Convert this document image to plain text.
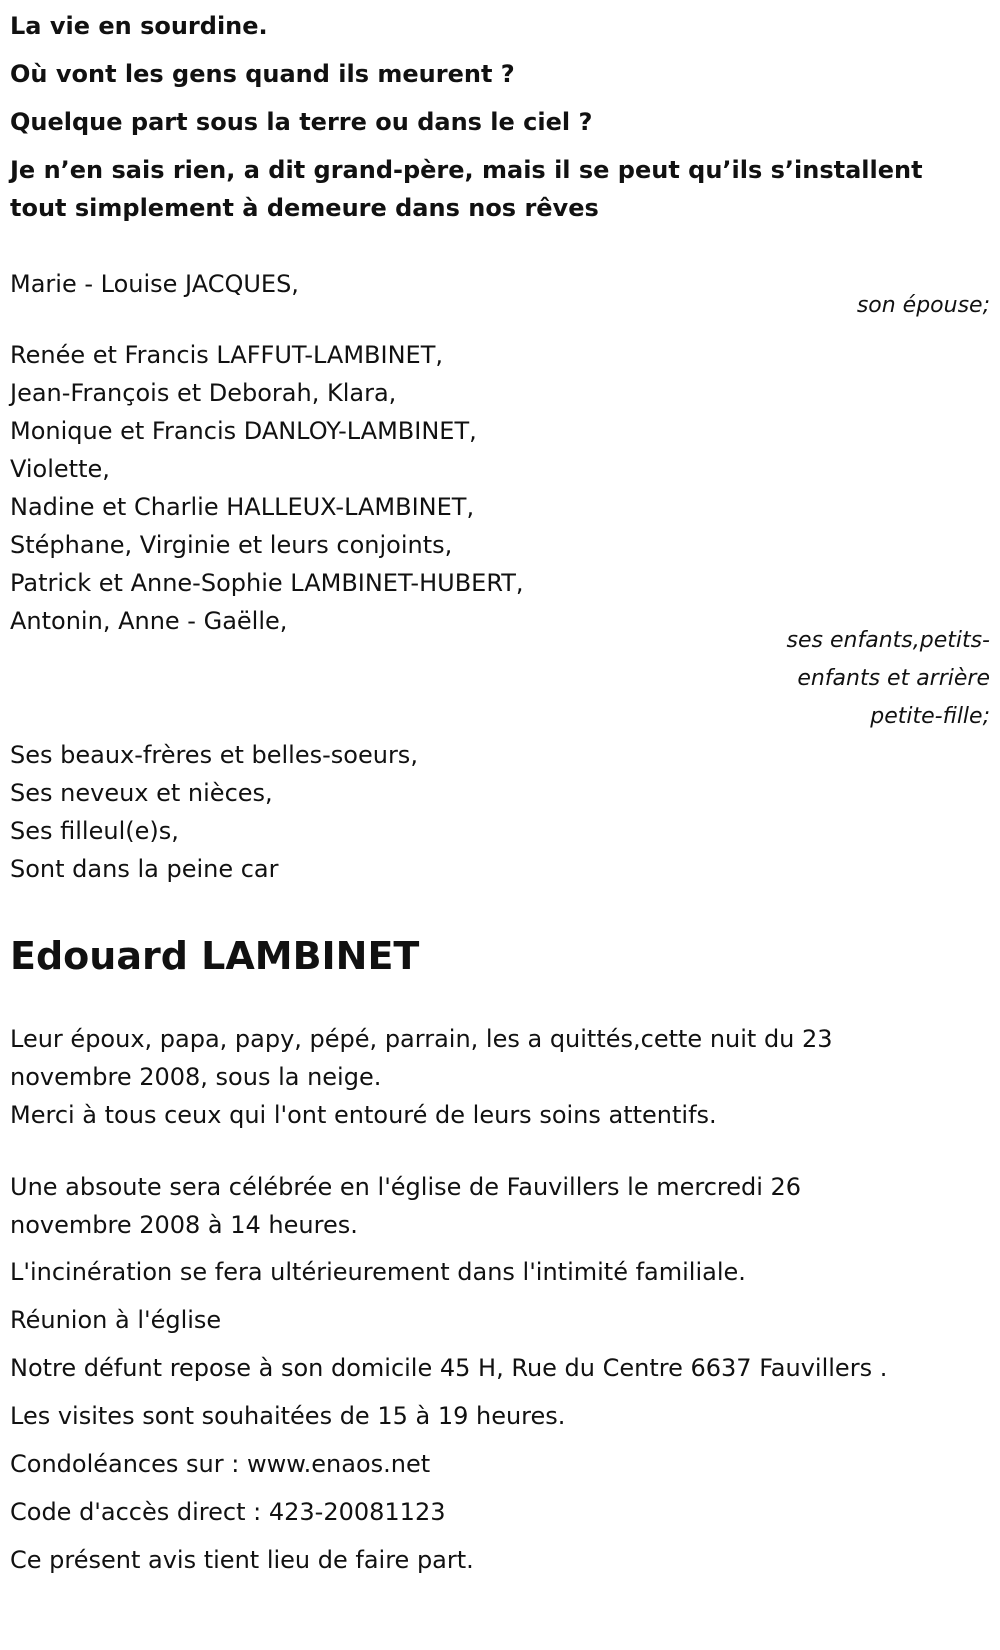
La vie en sourdine.

Où vont les gens quand ils meurent ?

Quelque part sous la terre ou dans le ciel ?

Je n’en sais rien, a dit grand-père, mais il se peut qu’ils s’installent
tout simplement à demeure dans nos rêves

Marie - Louise JACQUES,

son épouse;

Renée et Francis LAFFUT-LAMBINET,

Jean-François et Deborah, Klara,

Monique et Francis DANLOY-LAMBINET,

Violette,

Nadine et Charlie HALLEUX-LAMBINET,

Stéphane, Virginie et leurs conjoints,

Patrick et Anne-Sophie LAMBINET-HUBERT,

Antonin, Anne - Gaëlle,

ses enfants,petits-
enfants et arrière
petite-fille;

Ses beaux-frères et belles-soeurs,

Ses neveux et nièces,

Ses filleul(e)s,

Sont dans la peine car

Edouard LAMBINET

Leur époux, papa, papy, pépé, parrain, les a quittés,cette nuit du 23
novembre 2008, sous la neige.

Merci à tous ceux qui l'ont entouré de leurs soins attentifs.

Une absoute sera célébrée en l'église de Fauvillers le mercredi 26
novembre 2008 à 14 heures.

L'incinération se fera ultérieurement dans l'intimité familiale.

Réunion à l'église

Notre défunt repose à son domicile 45 H, Rue du Centre 6637 Fauvillers .

Les visites sont souhaitées de 15 à 19 heures.

Condoléances sur : www.enaos.net

Code d'accès direct : 423-20081123

Ce présent avis tient lieu de faire part.
